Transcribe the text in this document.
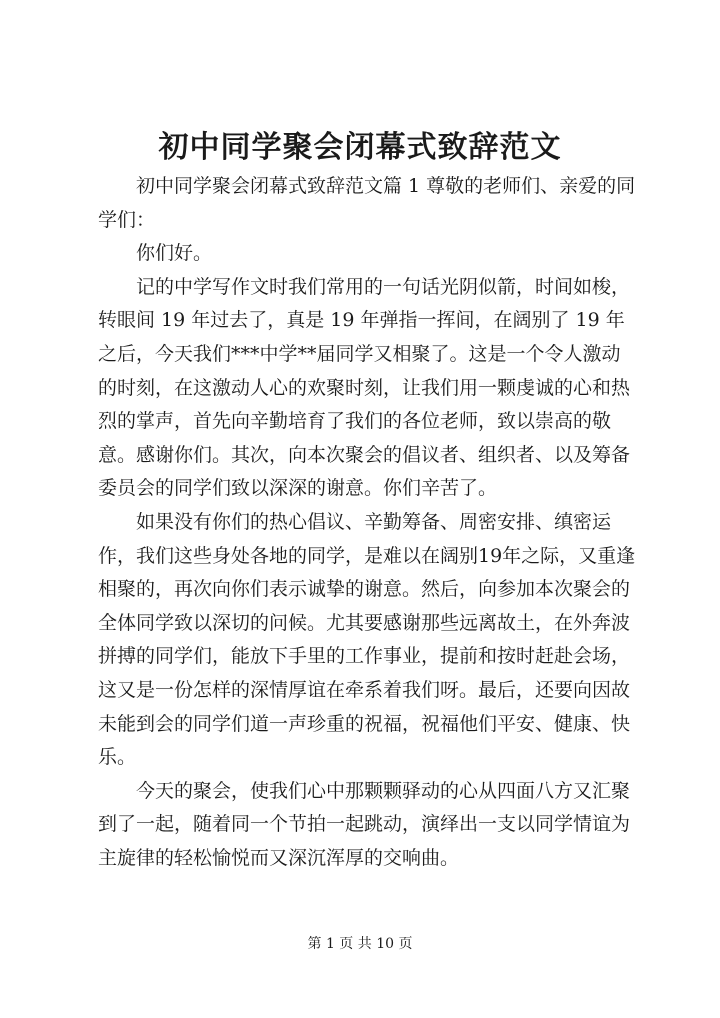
初中同学聚会闭幕式致辞范文

初中同学聚会闭幕式致辞范文篇 1 尊敬的老师们、亲爱的同学们：

你们好。

记的中学写作文时我们常用的一句话光阴似箭，时间如梭，转眼间 19 年过去了，真是 19 年弹指一挥间，在阔别了 19 年之后，今天我们***中学**届同学又相聚了。这是一个令人激动的时刻，在这激动人心的欢聚时刻，让我们用一颗虔诚的心和热烈的掌声，首先向辛勤培育了我们的各位老师，致以崇高的敬意。感谢你们。其次，向本次聚会的倡议者、组织者、以及筹备委员会的同学们致以深深的谢意。你们辛苦了。

如果没有你们的热心倡议、辛勤筹备、周密安排、缜密运作，我们这些身处各地的同学，是难以在阔别19年之际，又重逢相聚的，再次向你们表示诚挚的谢意。然后，向参加本次聚会的全体同学致以深切的问候。尤其要感谢那些远离故土，在外奔波拼搏的同学们，能放下手里的工作事业，提前和按时赶赴会场，这又是一份怎样的深情厚谊在牵系着我们呀。最后，还要向因故未能到会的同学们道一声珍重的祝福，祝福他们平安、健康、快乐。

今天的聚会，使我们心中那颗颗驿动的心从四面八方又汇聚到了一起，随着同一个节拍一起跳动，演绎出一支以同学情谊为主旋律的轻松愉悦而又深沉浑厚的交响曲。

第 1 页 共 10 页
